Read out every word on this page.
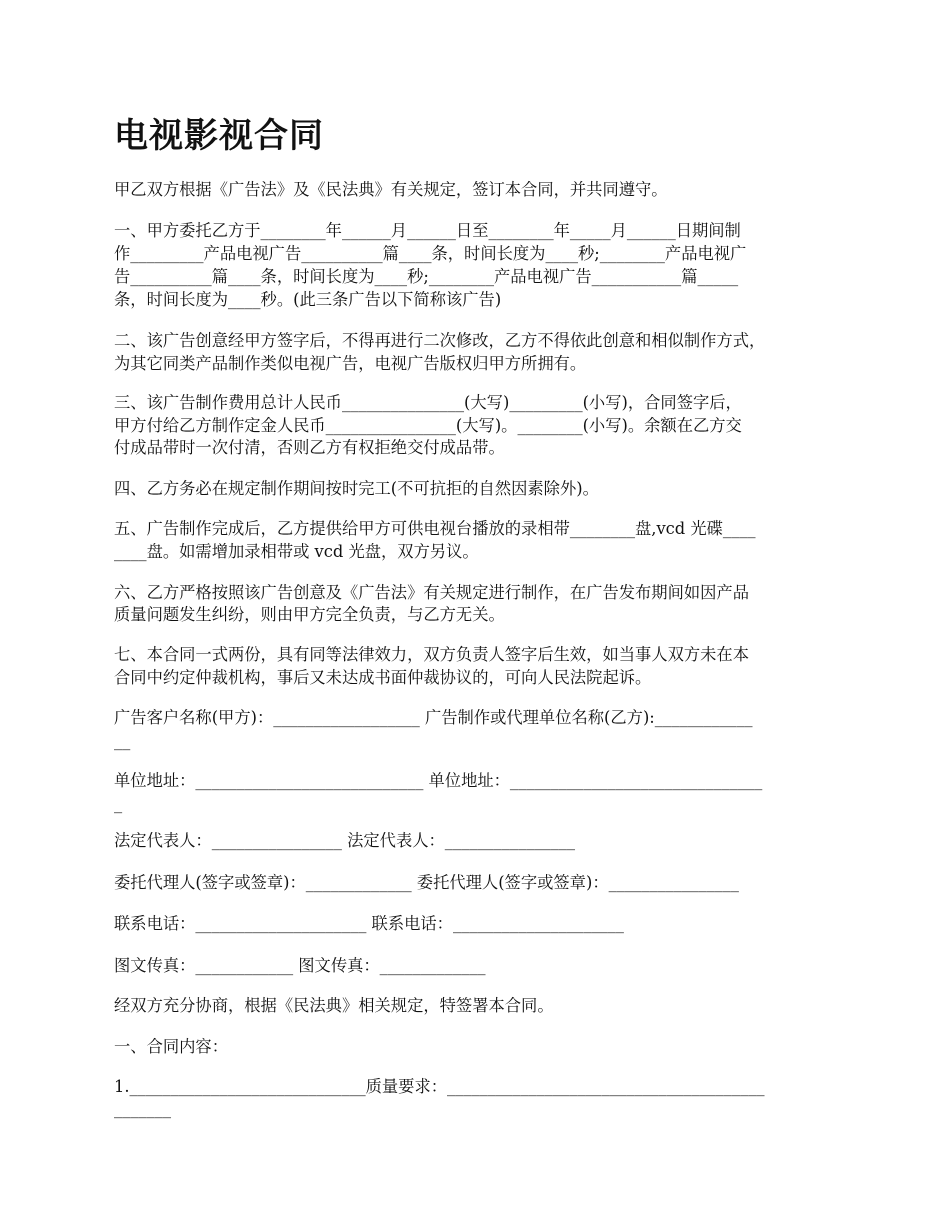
电视影视合同

甲乙双方根据《广告法》及《民法典》有关规定，签订本合同，并共同遵守。

一、甲方委托乙方于________年______月______日至________年_____月______日期间制

作_________产品电视广告__________篇____条，时间长度为____秒;________产品电视广

告__________篇____条，时间长度为____秒;________产品电视广告___________篇_____

条，时间长度为____秒。(此三条广告以下简称该广告)

二、该广告创意经甲方签字后，不得再进行二次修改，乙方不得依此创意和相似制作方式，

为其它同类产品制作类似电视广告，电视广告版权归甲方所拥有。

三、该广告制作费用总计人民币_______________(大写)_________(小写)，合同签字后，

甲方付给乙方制作定金人民币________________(大写)。________(小写)。余额在乙方交

付成品带时一次付清，否则乙方有权拒绝交付成品带。

四、乙方务必在规定制作期间按时完工(不可抗拒的自然因素除外)。

五、广告制作完成后，乙方提供给甲方可供电视台播放的录相带________盘,vcd 光碟____

____盘。如需增加录相带或 vcd 光盘，双方另议。

六、乙方严格按照该广告创意及《广告法》有关规定进行制作，在广告发布期间如因产品

质量问题发生纠纷，则由甲方完全负责，与乙方无关。

七、本合同一式两份，具有同等法律效力，双方负责人签字后生效，如当事人双方未在本

合同中约定仲裁机构，事后又未达成书面仲裁协议的，可向人民法院起诉。

广告客户名称(甲方)：__________________ 广告制作或代理单位名称(乙方):____________

__

单位地址：____________________________ 单位地址：_______________________________

_

法定代表人：________________ 法定代表人：________________

委托代理人(签字或签章)：_____________ 委托代理人(签字或签章)：________________

联系电话：_____________________ 联系电话：_____________________

图文传真：____________ 图文传真：_____________

经双方充分协商，根据《民法典》相关规定，特签署本合同。

一、合同内容：

1._____________________________质量要求：_______________________________________

_______
